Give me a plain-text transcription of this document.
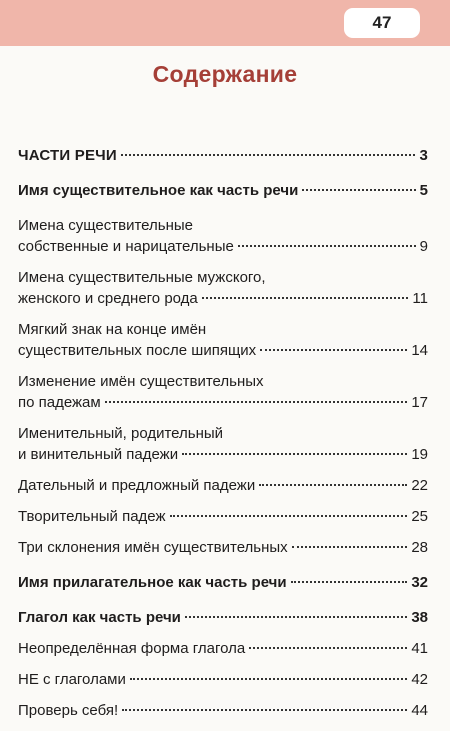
47
Содержание
ЧАСТИ РЕЧИ	3
Имя существительное как часть речи	5
Имена существительные
собственные и нарицательные	9
Имена существительные мужского,
женского и среднего рода	11
Мягкий знак на конце имён
существительных после шипящих	14
Изменение имён существительных
по падежам	17
Именительный, родительный
и винительный падежи	19
Дательный и предложный падежи	22
Творительный падеж	25
Три склонения имён существительных	28
Имя прилагательное как часть речи	32
Глагол как часть речи	38
Неопределённая форма глагола	41
НЕ с глаголами	42
Проверь себя!	44
